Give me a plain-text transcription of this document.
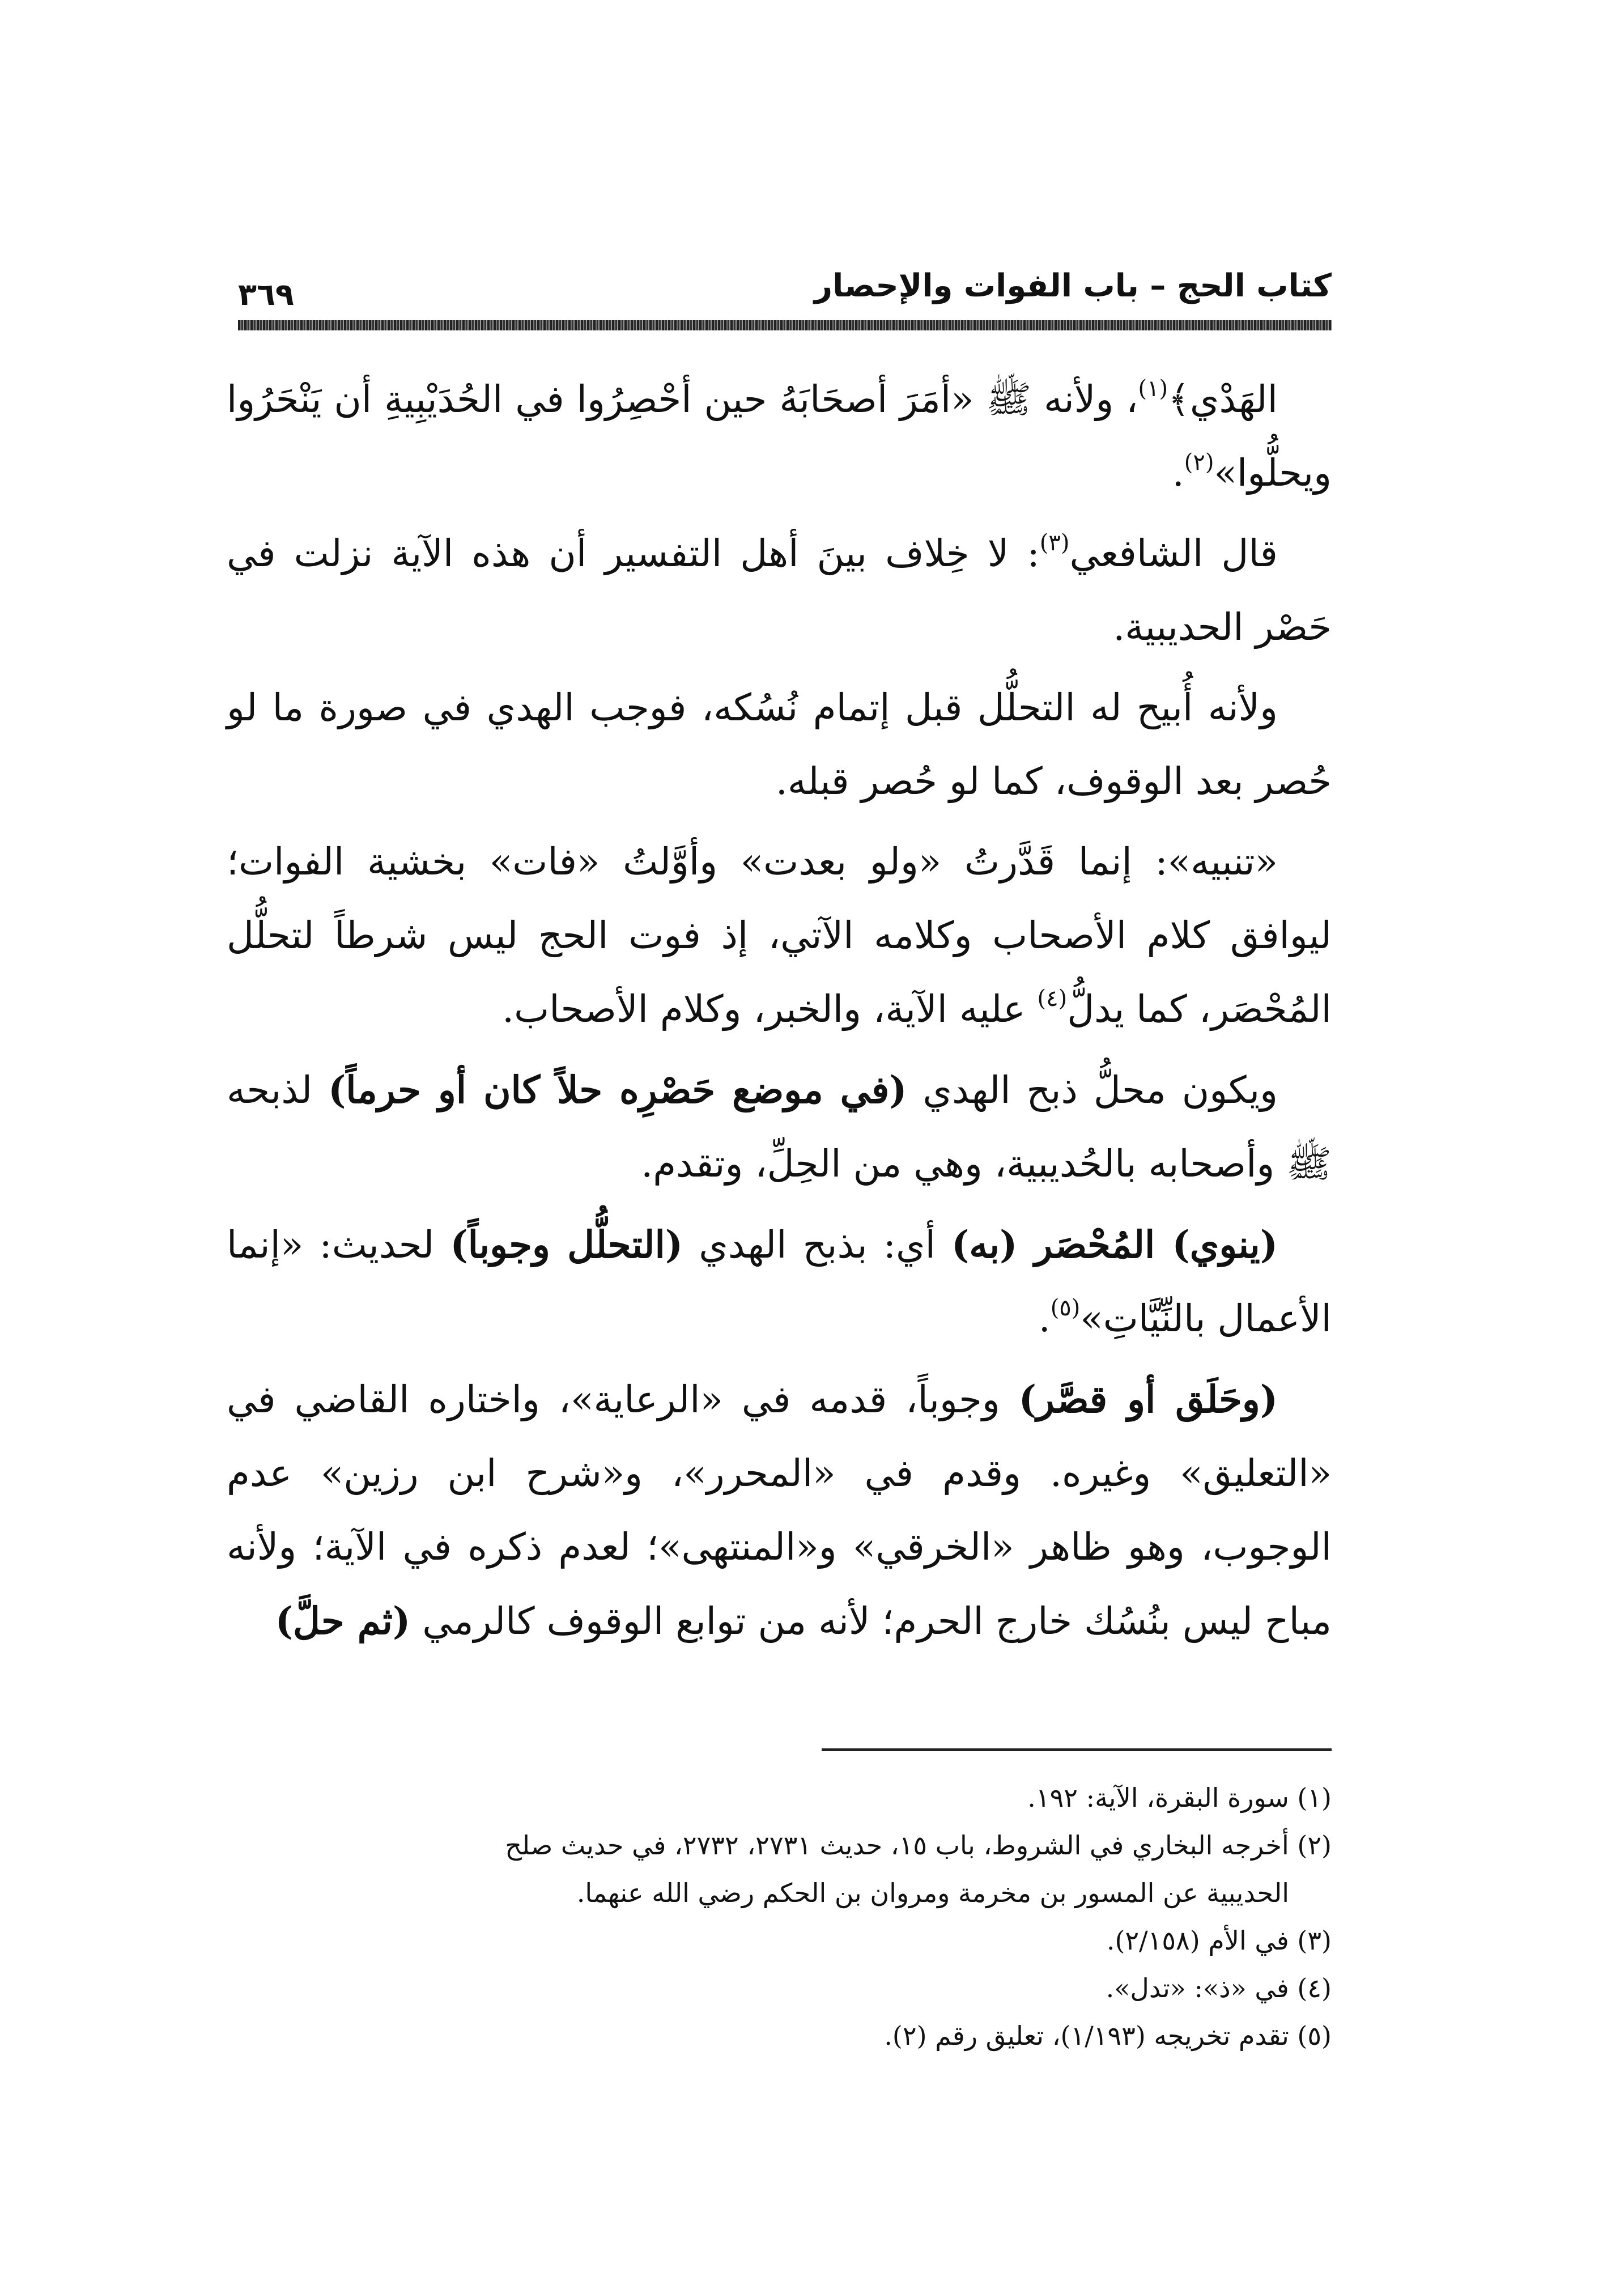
كتاب الحج – باب الفوات والإحصار
٣٦٩

الهَدْي﴾$^{(١)}$، ولأنه ﷺ «أمَرَ أصحَابَهُ حين أحْصِرُوا في الحُدَيْبِيةِ أن يَنْحَرُوا ويحلُّوا»$^{(٢)}$.

قال الشافعي$^{(٣)}$: لا خِلاف بينَ أهل التفسير أن هذه الآية نزلت في حَصْر الحديبية.

ولأنه أُبيح له التحلُّل قبل إتمام نُسُكه، فوجب الهدي في صورة ما لو حُصر بعد الوقوف، كما لو حُصر قبله.

«تنبيه»: إنما قَدَّرتُ «ولو بعدت» وأوَّلتُ «فات» بخشية الفوات؛ ليوافق كلام الأصحاب وكلامه الآتي، إذ فوت الحج ليس شرطاً لتحلُّل المُحْصَر، كما يدلُّ$^{(٤)}$ عليه الآية، والخبر، وكلام الأصحاب.

ويكون محلُّ ذبح الهدي (في موضع حَصْرِه حلاً كان أو حرماً) لذبحه ﷺ وأصحابه بالحُديبية، وهي من الحِلِّ، وتقدم.

(ينوي) المُحْصَر (به) أي: بذبح الهدي (التحلُّل وجوباً) لحديث: «إنما الأعمال بالنِّيَّاتِ»$^{(٥)}$.

(وحَلَق أو قصَّر) وجوباً، قدمه في «الرعاية»، واختاره القاضي في «التعليق» وغيره. وقدم في «المحرر»، و«شرح ابن رزين» عدم الوجوب، وهو ظاهر «الخرقي» و«المنتهى»؛ لعدم ذكره في الآية؛ ولأنه مباح ليس بنُسُك خارج الحرم؛ لأنه من توابع الوقوف كالرمي (ثم حلَّ)

(١) سورة البقرة، الآية: ١٩٢.

(٢) أخرجه البخاري في الشروط، باب ١٥، حديث ٢٧٣١، ٢٧٣٢، في حديث صلح

الحديبية عن المسور بن مخرمة ومروان بن الحكم رضي الله عنهما.

(٣) في الأم (٢/١٥٨).

(٤) في «ذ»: «تدل».

(٥) تقدم تخريجه (١/١٩٣)، تعليق رقم (٢).
